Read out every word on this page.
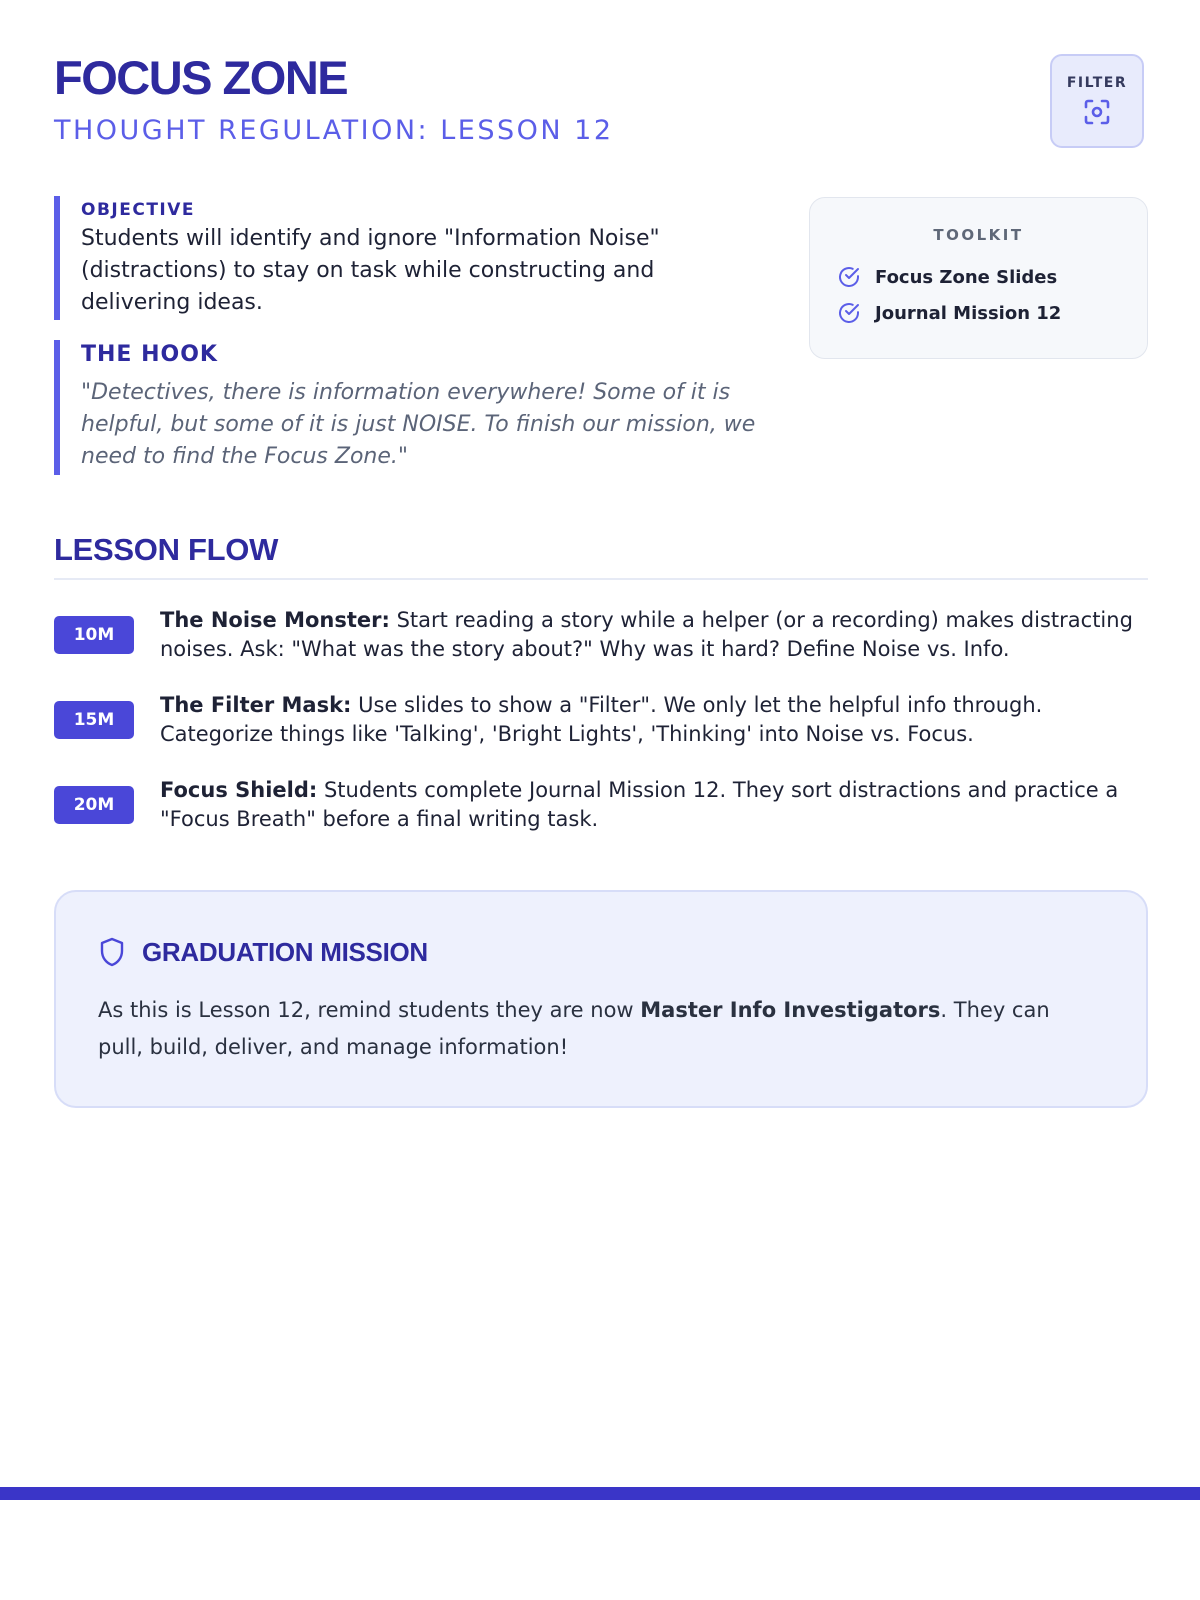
FOCUS ZONE
THOUGHT REGULATION: LESSON 12
FILTER
OBJECTIVE
Students will identify and ignore "Information Noise" (distractions) to stay on task while constructing and delivering ideas.
THE HOOK
"Detectives, there is information everywhere! Some of it is helpful, but some of it is just NOISE. To finish our mission, we need to find the Focus Zone."
TOOLKIT
Focus Zone Slides
Journal Mission 12
LESSON FLOW
10M
The Noise Monster: Start reading a story while a helper (or a recording) makes distracting noises. Ask: "What was the story about?" Why was it hard? Define Noise vs. Info.
15M
The Filter Mask: Use slides to show a "Filter". We only let the helpful info through. Categorize things like 'Talking', 'Bright Lights', 'Thinking' into Noise vs. Focus.
20M
Focus Shield: Students complete Journal Mission 12. They sort distractions and practice a "Focus Breath" before a final writing task.
GRADUATION MISSION
As this is Lesson 12, remind students they are now Master Info Investigators. They can pull, build, deliver, and manage information!
